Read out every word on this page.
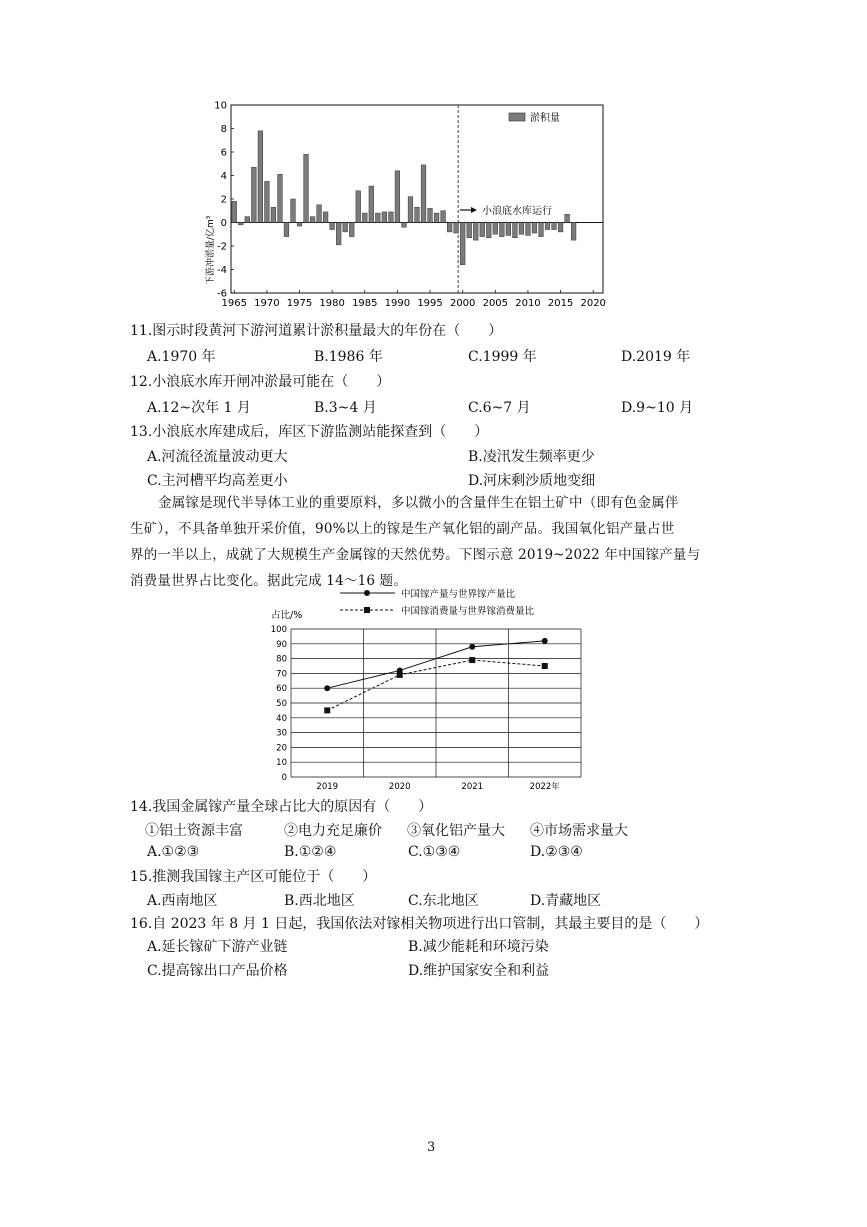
10
8
6
4
2
0
-2
-4
-6
1965 1970 1975 1980 1985 1990 1995 2000 2005 2010 2015 2020
下游冲淤量/亿m³
淤积量
小浪底水库运行
11.图示时段黄河下游河道累计淤积量最大的年份在（　　）
A.1970 年	B.1986 年	C.1999 年	D.2019 年
12.小浪底水库开闸冲淤最可能在（　　）
A.12~次年 1 月	B.3~4 月	C.6~7 月	D.9~10 月
13.小浪底水库建成后，库区下游监测站能探查到（　　）
A.河流径流量波动更大	B.凌汛发生频率更少
C.主河槽平均高差更小	D.河床剩沙质地变细
金属镓是现代半导体工业的重要原料，多以微小的含量伴生在铝土矿中（即有色金属伴
生矿），不具备单独开采价值，90%以上的镓是生产氧化铝的副产品。我国氧化铝产量占世
界的一半以上，成就了大规模生产金属镓的天然优势。下图示意 2019~2022 年中国镓产量与
消费量世界占比变化。据此完成 14～16 题。
中国镓产量与世界镓产量比
中国镓消费量与世界镓消费量比
占比/%
100
90
80
70
60
50
40
30
20
10
0
2019	2020	2021	2022年
14.我国金属镓产量全球占比大的原因有（　　）
①铝土资源丰富	②电力充足廉价 ③氧化铝产量大 ④市场需求量大
A.①②③	B.①②④	C.①③④	D.②③④
15.推测我国镓主产区可能位于（　　）
A.西南地区	B.西北地区	C.东北地区	D.青藏地区
16.自 2023 年 8 月 1 日起，我国依法对镓相关物项进行出口管制，其最主要目的是（　　）
A.延长镓矿下游产业链	B.减少能耗和环境污染
C.提高镓出口产品价格	D.维护国家安全和利益
3
